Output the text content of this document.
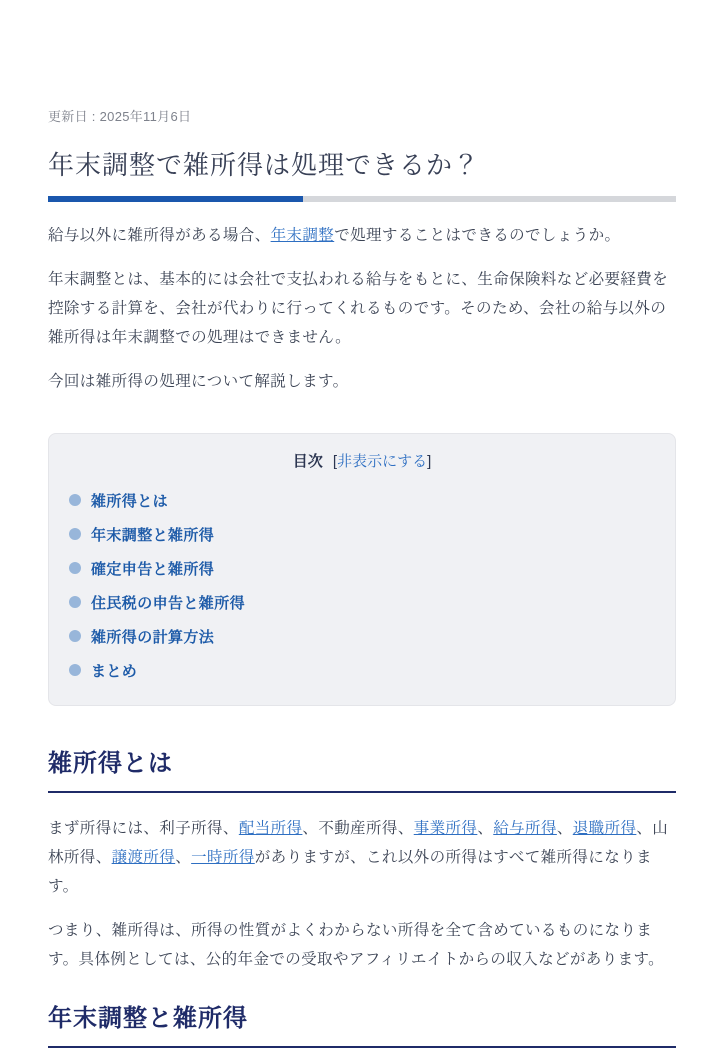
更新日 : 2025年11月6日
年末調整で雑所得は処理できるか？

給与以外に雑所得がある場合、年末調整で処理することはできるのでしょうか。

年末調整とは、基本的には会社で支払われる給与をもとに、生命保険料など必要経費を控除する計算を、会社が代わりに行ってくれるものです。そのため、会社の給与以外の雑所得は年末調整での処理はできません。

今回は雑所得の処理について解説します。

目次 [非表示にする]
雑所得とは
年末調整と雑所得
確定申告と雑所得
住民税の申告と雑所得
雑所得の計算方法
まとめ
雑所得とは

まず所得には、利子所得、配当所得、不動産所得、事業所得、給与所得、退職所得、山林所得、譲渡所得、一時所得がありますが、これ以外の所得はすべて雑所得になります。

つまり、雑所得は、所得の性質がよくわからない所得を全て含めているものになります。具体例としては、公的年金での受取やアフィリエイトからの収入などがあります。

年末調整と雑所得
